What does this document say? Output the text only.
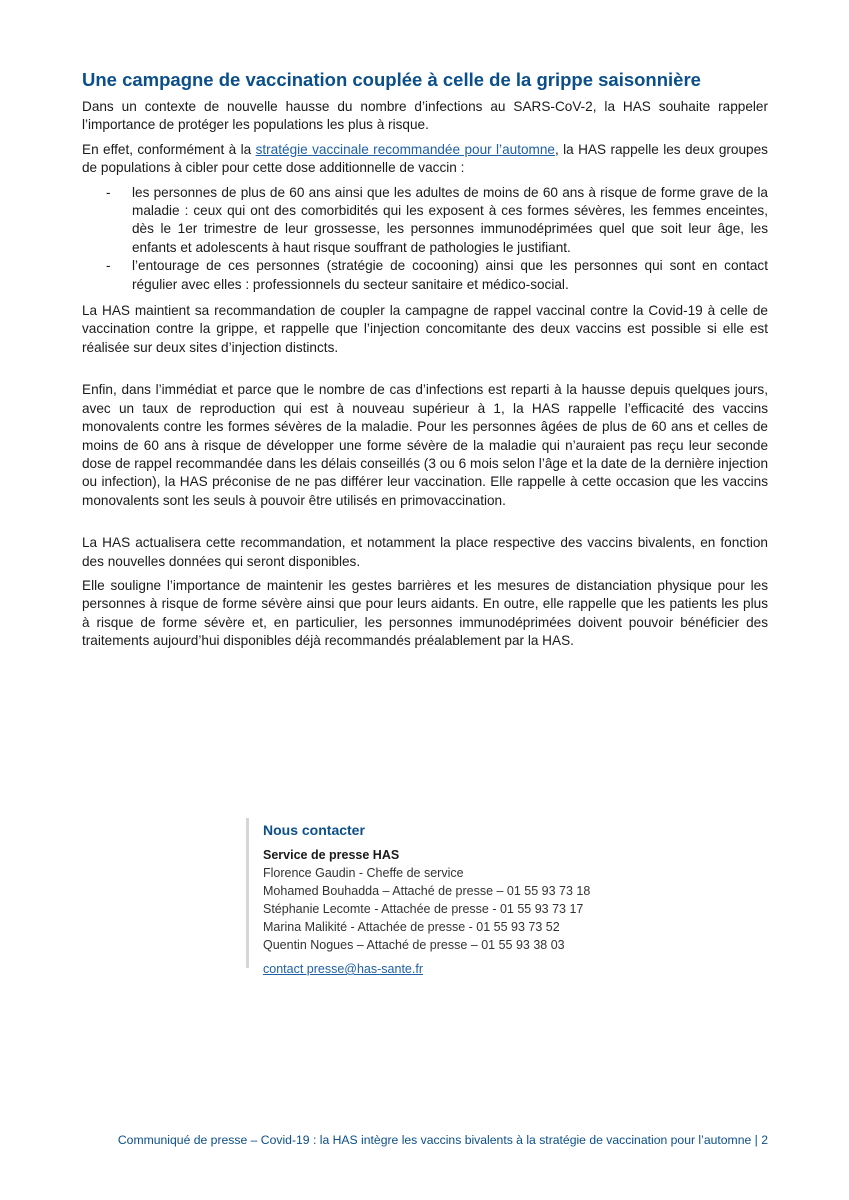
Une campagne de vaccination couplée à celle de la grippe saisonnière

Dans un contexte de nouvelle hausse du nombre d’infections au SARS-CoV-2, la HAS souhaite rappeler l’importance de protéger les populations les plus à risque.

En effet, conformément à la stratégie vaccinale recommandée pour l’automne, la HAS rappelle les deux groupes de populations à cibler pour cette dose additionnelle de vaccin :

- les personnes de plus de 60 ans ainsi que les adultes de moins de 60 ans à risque de forme grave de la maladie : ceux qui ont des comorbidités qui les exposent à ces formes sévères, les femmes enceintes, dès le 1er trimestre de leur grossesse, les personnes immunodéprimées quel que soit leur âge, les enfants et adolescents à haut risque souffrant de pathologies le justifiant.
- l’entourage de ces personnes (stratégie de cocooning) ainsi que les personnes qui sont en contact régulier avec elles : professionnels du secteur sanitaire et médico-social.

La HAS maintient sa recommandation de coupler la campagne de rappel vaccinal contre la Covid-19 à celle de vaccination contre la grippe, et rappelle que l’injection concomitante des deux vaccins est possible si elle est réalisée sur deux sites d’injection distincts.

Enfin, dans l’immédiat et parce que le nombre de cas d’infections est reparti à la hausse depuis quelques jours, avec un taux de reproduction qui est à nouveau supérieur à 1, la HAS rappelle l’efficacité des vaccins monovalents contre les formes sévères de la maladie. Pour les personnes âgées de plus de 60 ans et celles de moins de 60 ans à risque de développer une forme sévère de la maladie qui n’auraient pas reçu leur seconde dose de rappel recommandée dans les délais conseillés (3 ou 6 mois selon l’âge et la date de la dernière injection ou infection), la HAS préconise de ne pas différer leur vaccination. Elle rappelle à cette occasion que les vaccins monovalents sont les seuls à pouvoir être utilisés en primovaccination.

La HAS actualisera cette recommandation, et notamment la place respective des vaccins bivalents, en fonction des nouvelles données qui seront disponibles.

Elle souligne l’importance de maintenir les gestes barrières et les mesures de distanciation physique pour les personnes à risque de forme sévère ainsi que pour leurs aidants. En outre, elle rappelle que les patients les plus à risque de forme sévère et, en particulier, les personnes immunodéprimées doivent pouvoir bénéficier des traitements aujourd’hui disponibles déjà recommandés préalablement par la HAS.

Nous contacter
Service de presse HAS
Florence Gaudin - Cheffe de service
Mohamed Bouhadda – Attaché de presse – 01 55 93 73 18
Stéphanie Lecomte - Attachée de presse - 01 55 93 73 17
Marina Malikité - Attachée de presse - 01 55 93 73 52
Quentin Nogues – Attaché de presse – 01 55 93 38 03
contact presse@has-sante.fr
Communiqué de presse – Covid-19 : la HAS intègre les vaccins bivalents à la stratégie de vaccination pour l’automne | 2
